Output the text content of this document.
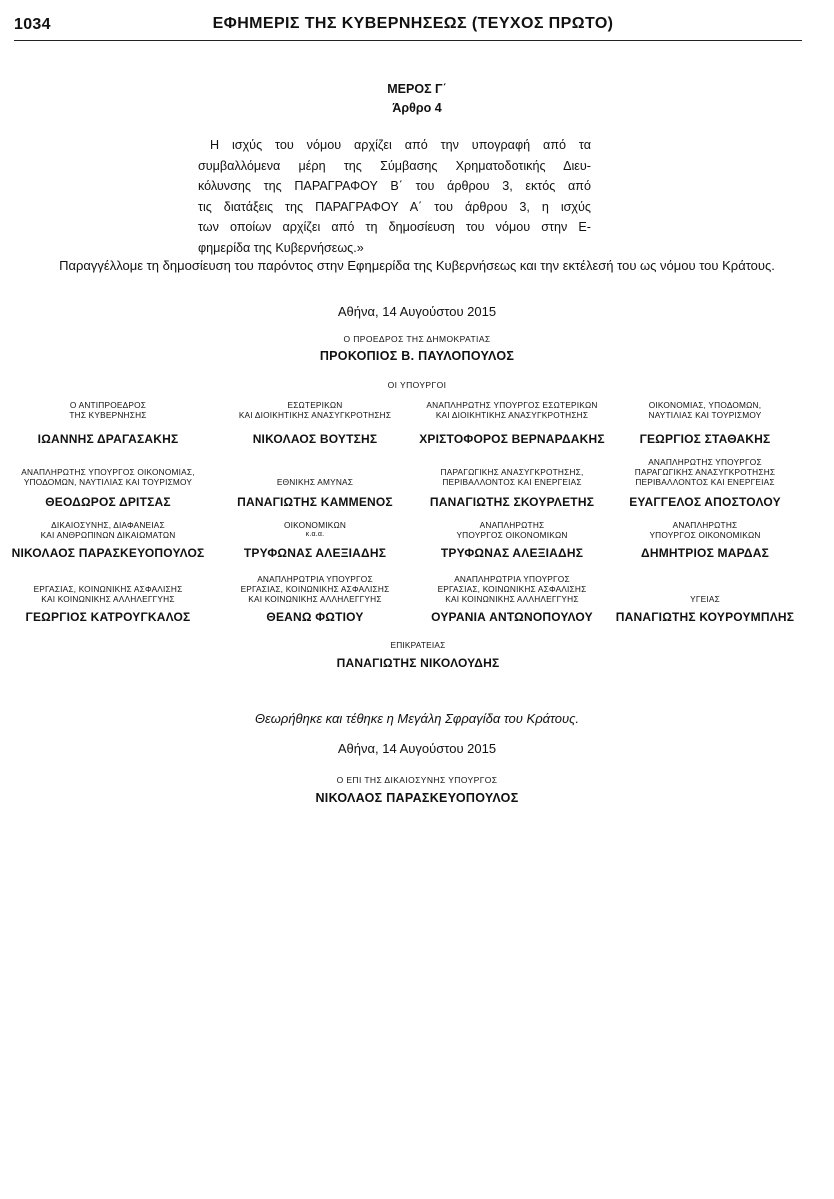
1034	ΕΦΗΜΕΡΙΣ ΤΗΣ ΚΥΒΕΡΝΗΣΕΩΣ (ΤΕΥΧΟΣ ΠΡΩΤΟ)
ΜΕΡΟΣ Γ΄
Άρθρο 4
Η ισχύς του νόμου αρχίζει από την υπογραφή από τα
συμβαλλόμενα μέρη της Σύμβασης Χρηματοδοτικής Διευ-
κόλυνσης της ΠΑΡΑΓΡΑΦΟΥ Β΄ του άρθρου 3, εκτός από
τις διατάξεις της ΠΑΡΑΓΡΑΦΟΥ Α΄ του άρθρου 3, η ισχύς
των οποίων αρχίζει από τη δημοσίευση του νόμου στην Ε-
φημερίδα της Κυβερνήσεως.»
Παραγγέλλομε τη δημοσίευση του παρόντος στην Εφημερίδα της Κυβερνήσεως και την εκτέλεσή του ως νόμου του Κράτους.
Αθήνα, 14 Αυγούστου 2015
Ο ΠΡΟΕΔΡΟΣ ΤΗΣ ΔΗΜΟΚΡΑΤΙΑΣ
ΠΡΟΚΟΠΙΟΣ Β. ΠΑΥΛΟΠΟΥΛΟΣ
ΟΙ ΥΠΟΥΡΓΟΙ
Ο ΑΝΤΙΠΡΟΕΔΡΟΣ
ΤΗΣ ΚΥΒΕΡΝΗΣΗΣ
ΙΩΑΝΝΗΣ ΔΡΑΓΑΣΑΚΗΣ
ΕΣΩΤΕΡΙΚΩΝ
ΚΑΙ ΔΙΟΙΚΗΤΙΚΗΣ ΑΝΑΣΥΓΚΡΟΤΗΣΗΣ
ΝΙΚΟΛΑΟΣ ΒΟΥΤΣΗΣ
ΑΝΑΠΛΗΡΩΤΗΣ ΥΠΟΥΡΓΟΣ ΕΣΩΤΕΡΙΚΩΝ
ΚΑΙ ΔΙΟΙΚΗΤΙΚΗΣ ΑΝΑΣΥΓΚΡΟΤΗΣΗΣ
ΧΡΙΣΤΟΦΟΡΟΣ ΒΕΡΝΑΡΔΑΚΗΣ
ΟΙΚΟΝΟΜΙΑΣ, ΥΠΟΔΟΜΩΝ,
ΝΑΥΤΙΛΙΑΣ ΚΑΙ ΤΟΥΡΙΣΜΟΥ
ΓΕΩΡΓΙΟΣ ΣΤΑΘΑΚΗΣ
ΑΝΑΠΛΗΡΩΤΗΣ ΥΠΟΥΡΓΟΣ ΟΙΚΟΝΟΜΙΑΣ,
ΥΠΟΔΟΜΩΝ, ΝΑΥΤΙΛΙΑΣ ΚΑΙ ΤΟΥΡΙΣΜΟΥ
ΘΕΟΔΩΡΟΣ ΔΡΙΤΣΑΣ
ΕΘΝΙΚΗΣ ΑΜΥΝΑΣ
ΠΑΝΑΓΙΩΤΗΣ ΚΑΜΜΕΝΟΣ
ΠΑΡΑΓΩΓΙΚΗΣ ΑΝΑΣΥΓΚΡΟΤΗΣΗΣ,
ΠΕΡΙΒΑΛΛΟΝΤΟΣ ΚΑΙ ΕΝΕΡΓΕΙΑΣ
ΠΑΝΑΓΙΩΤΗΣ ΣΚΟΥΡΛΕΤΗΣ
ΑΝΑΠΛΗΡΩΤΗΣ ΥΠΟΥΡΓΟΣ
ΠΑΡΑΓΩΓΙΚΗΣ ΑΝΑΣΥΓΚΡΟΤΗΣΗΣ
ΠΕΡΙΒΑΛΛΟΝΤΟΣ ΚΑΙ ΕΝΕΡΓΕΙΑΣ
ΕΥΑΓΓΕΛΟΣ ΑΠΟΣΤΟΛΟΥ
ΔΙΚΑΙΟΣΥΝΗΣ, ΔΙΑΦΑΝΕΙΑΣ
ΚΑΙ ΑΝΘΡΩΠΙΝΩΝ ΔΙΚΑΙΩΜΑΤΩΝ
ΝΙΚΟΛΑΟΣ ΠΑΡΑΣΚΕΥΟΠΟΥΛΟΣ
ΟΙΚΟΝΟΜΙΚΩΝ
κ.α.α.
ΤΡΥΦΩΝΑΣ ΑΛΕΞΙΑΔΗΣ
ΑΝΑΠΛΗΡΩΤΗΣ
ΥΠΟΥΡΓΟΣ ΟΙΚΟΝΟΜΙΚΩΝ
ΤΡΥΦΩΝΑΣ ΑΛΕΞΙΑΔΗΣ
ΑΝΑΠΛΗΡΩΤΗΣ
ΥΠΟΥΡΓΟΣ ΟΙΚΟΝΟΜΙΚΩΝ
ΔΗΜΗΤΡΙΟΣ ΜΑΡΔΑΣ
ΕΡΓΑΣΙΑΣ, ΚΟΙΝΩΝΙΚΗΣ ΑΣΦΑΛΙΣΗΣ
ΚΑΙ ΚΟΙΝΩΝΙΚΗΣ ΑΛΛΗΛΕΓΓΥΗΣ
ΓΕΩΡΓΙΟΣ ΚΑΤΡΟΥΓΚΑΛΟΣ
ΑΝΑΠΛΗΡΩΤΡΙΑ ΥΠΟΥΡΓΟΣ
ΕΡΓΑΣΙΑΣ, ΚΟΙΝΩΝΙΚΗΣ ΑΣΦΑΛΙΣΗΣ
ΚΑΙ ΚΟΙΝΩΝΙΚΗΣ ΑΛΛΗΛΕΓΓΥΗΣ
ΘΕΑΝΩ ΦΩΤΙΟΥ
ΑΝΑΠΛΗΡΩΤΡΙΑ ΥΠΟΥΡΓΟΣ
ΕΡΓΑΣΙΑΣ, ΚΟΙΝΩΝΙΚΗΣ ΑΣΦΑΛΙΣΗΣ
ΚΑΙ ΚΟΙΝΩΝΙΚΗΣ ΑΛΛΗΛΕΓΓΥΗΣ
ΟΥΡΑΝΙΑ ΑΝΤΩΝΟΠΟΥΛΟΥ
ΥΓΕΙΑΣ
ΠΑΝΑΓΙΩΤΗΣ ΚΟΥΡΟΥΜΠΛΗΣ
ΕΠΙΚΡΑΤΕΙΑΣ
ΠΑΝΑΓΙΩΤΗΣ ΝΙΚΟΛΟΥΔΗΣ
Θεωρήθηκε και τέθηκε η Μεγάλη Σφραγίδα του Κράτους.
Αθήνα, 14 Αυγούστου 2015
Ο ΕΠΙ ΤΗΣ ΔΙΚΑΙΟΣΥΝΗΣ ΥΠΟΥΡΓΟΣ
ΝΙΚΟΛΑΟΣ ΠΑΡΑΣΚΕΥΟΠΟΥΛΟΣ
